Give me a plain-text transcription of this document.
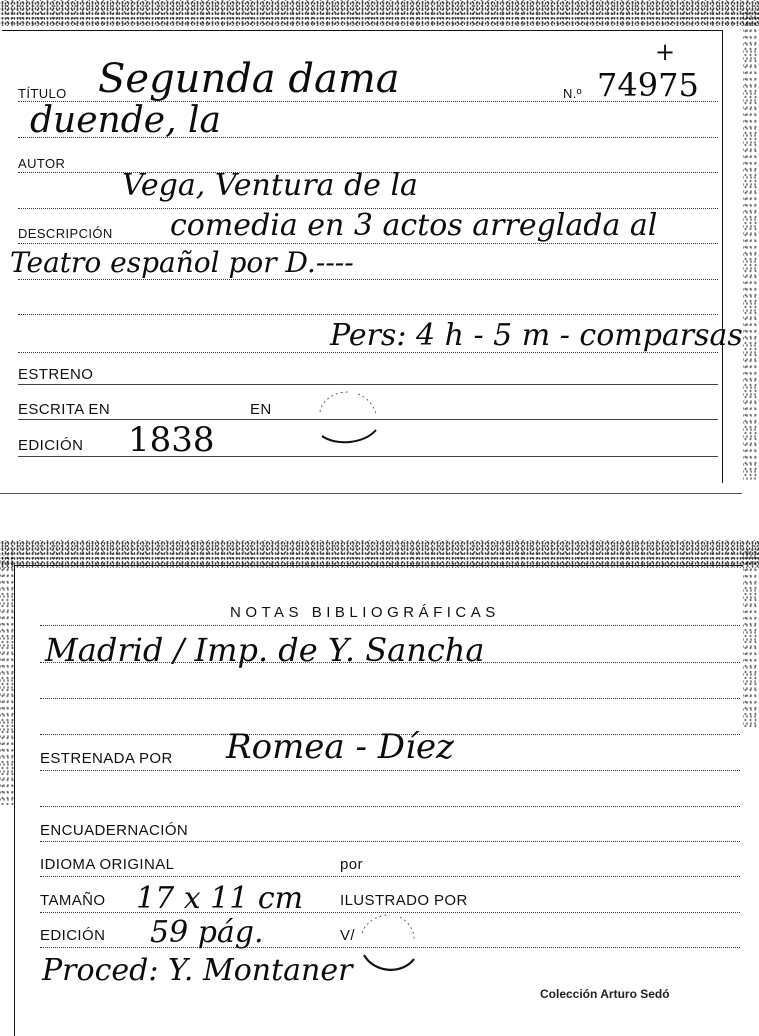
TÍTULO Segunda dama	N.º 74975
+
duende, la
AUTOR
Vega, Ventura de la
DESCRIPCIÓN comedia en 3 actos arreglada al
Teatro español por D.----
Pers: 4 h - 5 m - comparsas
ESTRENO
ESCRITA EN	EN
EDICIÓN 1838
NOTAS BIBLIOGRÁFICAS
Madrid / Imp. de Y. Sancha
ESTRENADA POR Romea - Díez
ENCUADERNACIÓN
IDIOMA ORIGINAL	por
TAMAÑO 17 x 11 cm ILUSTRADO POR
EDICIÓN 59 pág.	V/
Proced: Y. Montaner
Colección Arturo Sedó
